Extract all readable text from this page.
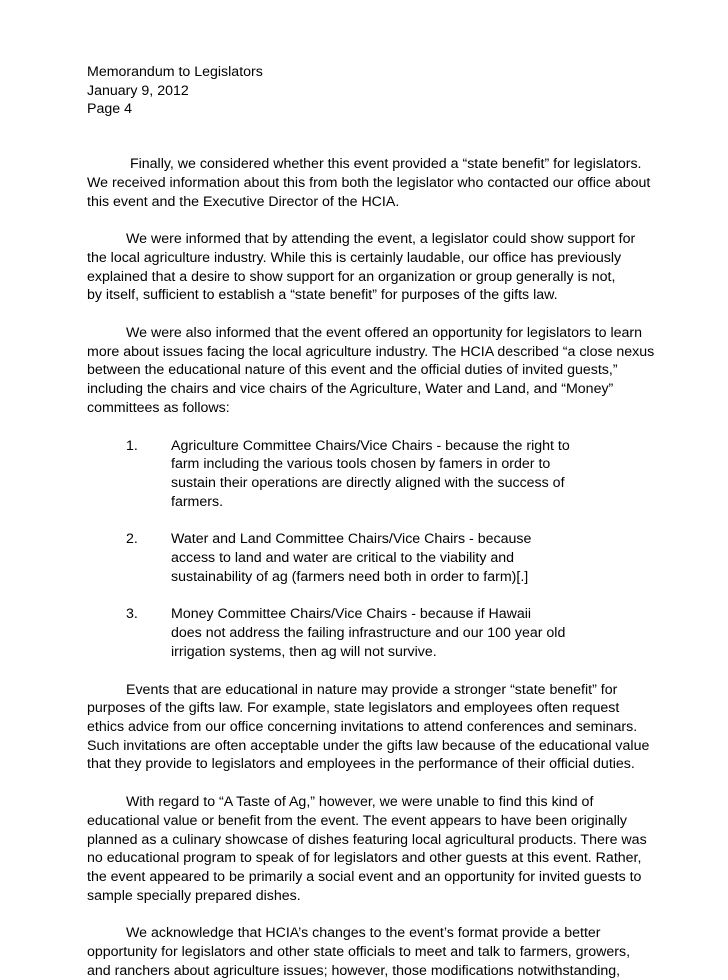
Memorandum to Legislators
January 9, 2012
Page 4

Finally, we considered whether this event provided a “state benefit” for legislators.
We received information about this from both the legislator who contacted our office about
this event and the Executive Director of the HCIA.

We were informed that by attending the event, a legislator could show support for
the local agriculture industry. While this is certainly laudable, our office has previously
explained that a desire to show support for an organization or group generally is not,
by itself, sufficient to establish a “state benefit” for purposes of the gifts law.

We were also informed that the event offered an opportunity for legislators to learn
more about issues facing the local agriculture industry. The HCIA described “a close nexus
between the educational nature of this event and the official duties of invited guests,”
including the chairs and vice chairs of the Agriculture, Water and Land, and “Money”
committees as follows:

1. Agriculture Committee Chairs/Vice Chairs - because the right to
farm including the various tools chosen by famers in order to
sustain their operations are directly aligned with the success of
farmers.
2. Water and Land Committee Chairs/Vice Chairs - because
access to land and water are critical to the viability and
sustainability of ag (farmers need both in order to farm)[.]
3. Money Committee Chairs/Vice Chairs - because if Hawaii
does not address the failing infrastructure and our 100 year old
irrigation systems, then ag will not survive.

Events that are educational in nature may provide a stronger “state benefit” for
purposes of the gifts law. For example, state legislators and employees often request
ethics advice from our office concerning invitations to attend conferences and seminars.
Such invitations are often acceptable under the gifts law because of the educational value
that they provide to legislators and employees in the performance of their official duties.

With regard to “A Taste of Ag,” however, we were unable to find this kind of
educational value or benefit from the event. The event appears to have been originally
planned as a culinary showcase of dishes featuring local agricultural products. There was
no educational program to speak of for legislators and other guests at this event. Rather,
the event appeared to be primarily a social event and an opportunity for invited guests to
sample specially prepared dishes.

We acknowledge that HCIA’s changes to the event’s format provide a better
opportunity for legislators and other state officials to meet and talk to farmers, growers,
and ranchers about agriculture issues; however, those modifications notwithstanding,
